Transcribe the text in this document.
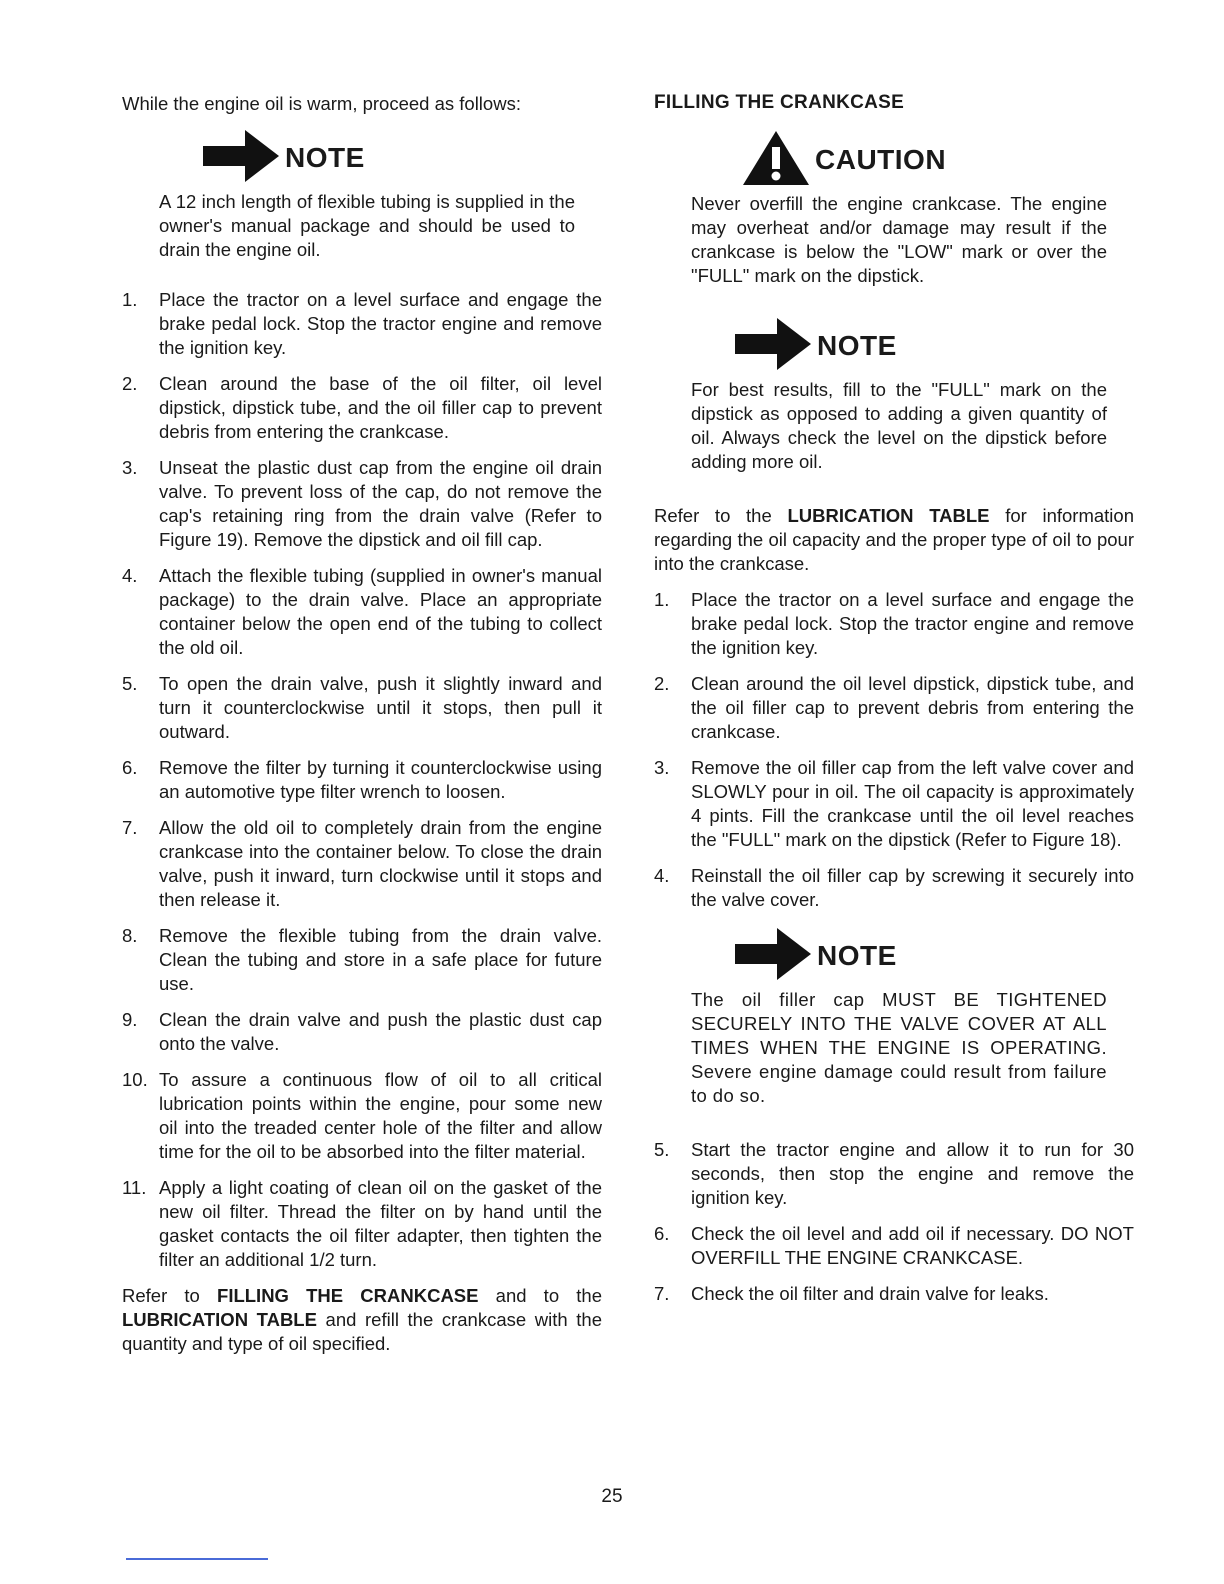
While the engine oil is warm, proceed as follows:

NOTE

A 12 inch length of flexible tubing is supplied in the owner's manual package and should be used to drain the engine oil.

1.	Place the tractor on a level surface and engage the brake pedal lock. Stop the tractor engine and remove the ignition key.
2.	Clean around the base of the oil filter, oil level dipstick, dipstick tube, and the oil filler cap to prevent debris from entering the crankcase.
3.	Unseat the plastic dust cap from the engine oil drain valve. To prevent loss of the cap, do not remove the cap's retaining ring from the drain valve (Refer to Figure 19). Remove the dipstick and oil fill cap.
4.	Attach the flexible tubing (supplied in owner's manual package) to the drain valve. Place an appropriate container below the open end of the tubing to collect the old oil.
5.	To open the drain valve, push it slightly inward and turn it counterclockwise until it stops, then pull it outward.
6.	Remove the filter by turning it counterclockwise using an automotive type filter wrench to loosen.
7.	Allow the old oil to completely drain from the engine crankcase into the container below. To close the drain valve, push it inward, turn clockwise until it stops and then release it.
8.	Remove the flexible tubing from the drain valve. Clean the tubing and store in a safe place for future use.
9.	Clean the drain valve and push the plastic dust cap onto the valve.
10. To assure a continuous flow of oil to all critical lubrication points within the engine, pour some new oil into the treaded center hole of the filter and allow time for the oil to be absorbed into the filter material.
11. Apply a light coating of clean oil on the gasket of the new oil filter. Thread the filter on by hand until the gasket contacts the oil filter adapter, then tighten the filter an additional 1/2 turn.

Refer to FILLING THE CRANKCASE and to the LUBRICATION TABLE and refill the crankcase with the quantity and type of oil specified.

FILLING THE CRANKCASE

CAUTION

Never overfill the engine crankcase. The engine may overheat and/or damage may result if the crankcase is below the "LOW" mark or over the "FULL" mark on the dipstick.

NOTE

For best results, fill to the "FULL" mark on the dipstick as opposed to adding a given quantity of oil. Always check the level on the dipstick before adding more oil.

Refer to the LUBRICATION TABLE for information regarding the oil capacity and the proper type of oil to pour into the crankcase.

1.	Place the tractor on a level surface and engage the brake pedal lock. Stop the tractor engine and remove the ignition key.
2.	Clean around the oil level dipstick, dipstick tube, and the oil filler cap to prevent debris from entering the crankcase.
3.	Remove the oil filler cap from the left valve cover and SLOWLY pour in oil. The oil capacity is approximately 4 pints. Fill the crankcase until the oil level reaches the "FULL" mark on the dipstick (Refer to Figure 18).
4.	Reinstall the oil filler cap by screwing it securely into the valve cover.
NOTE

The oil filler cap MUST BE TIGHTENED SECURELY INTO THE VALVE COVER AT ALL TIMES WHEN THE ENGINE IS OPERATING. Severe engine damage could result from failure to do so.

5.	Start the tractor engine and allow it to run for 30 seconds, then stop the engine and remove the ignition key.
6.	Check the oil level and add oil if necessary. DO NOT OVERFILL THE ENGINE CRANKCASE.
7.	Check the oil filter and drain valve for leaks.
25
